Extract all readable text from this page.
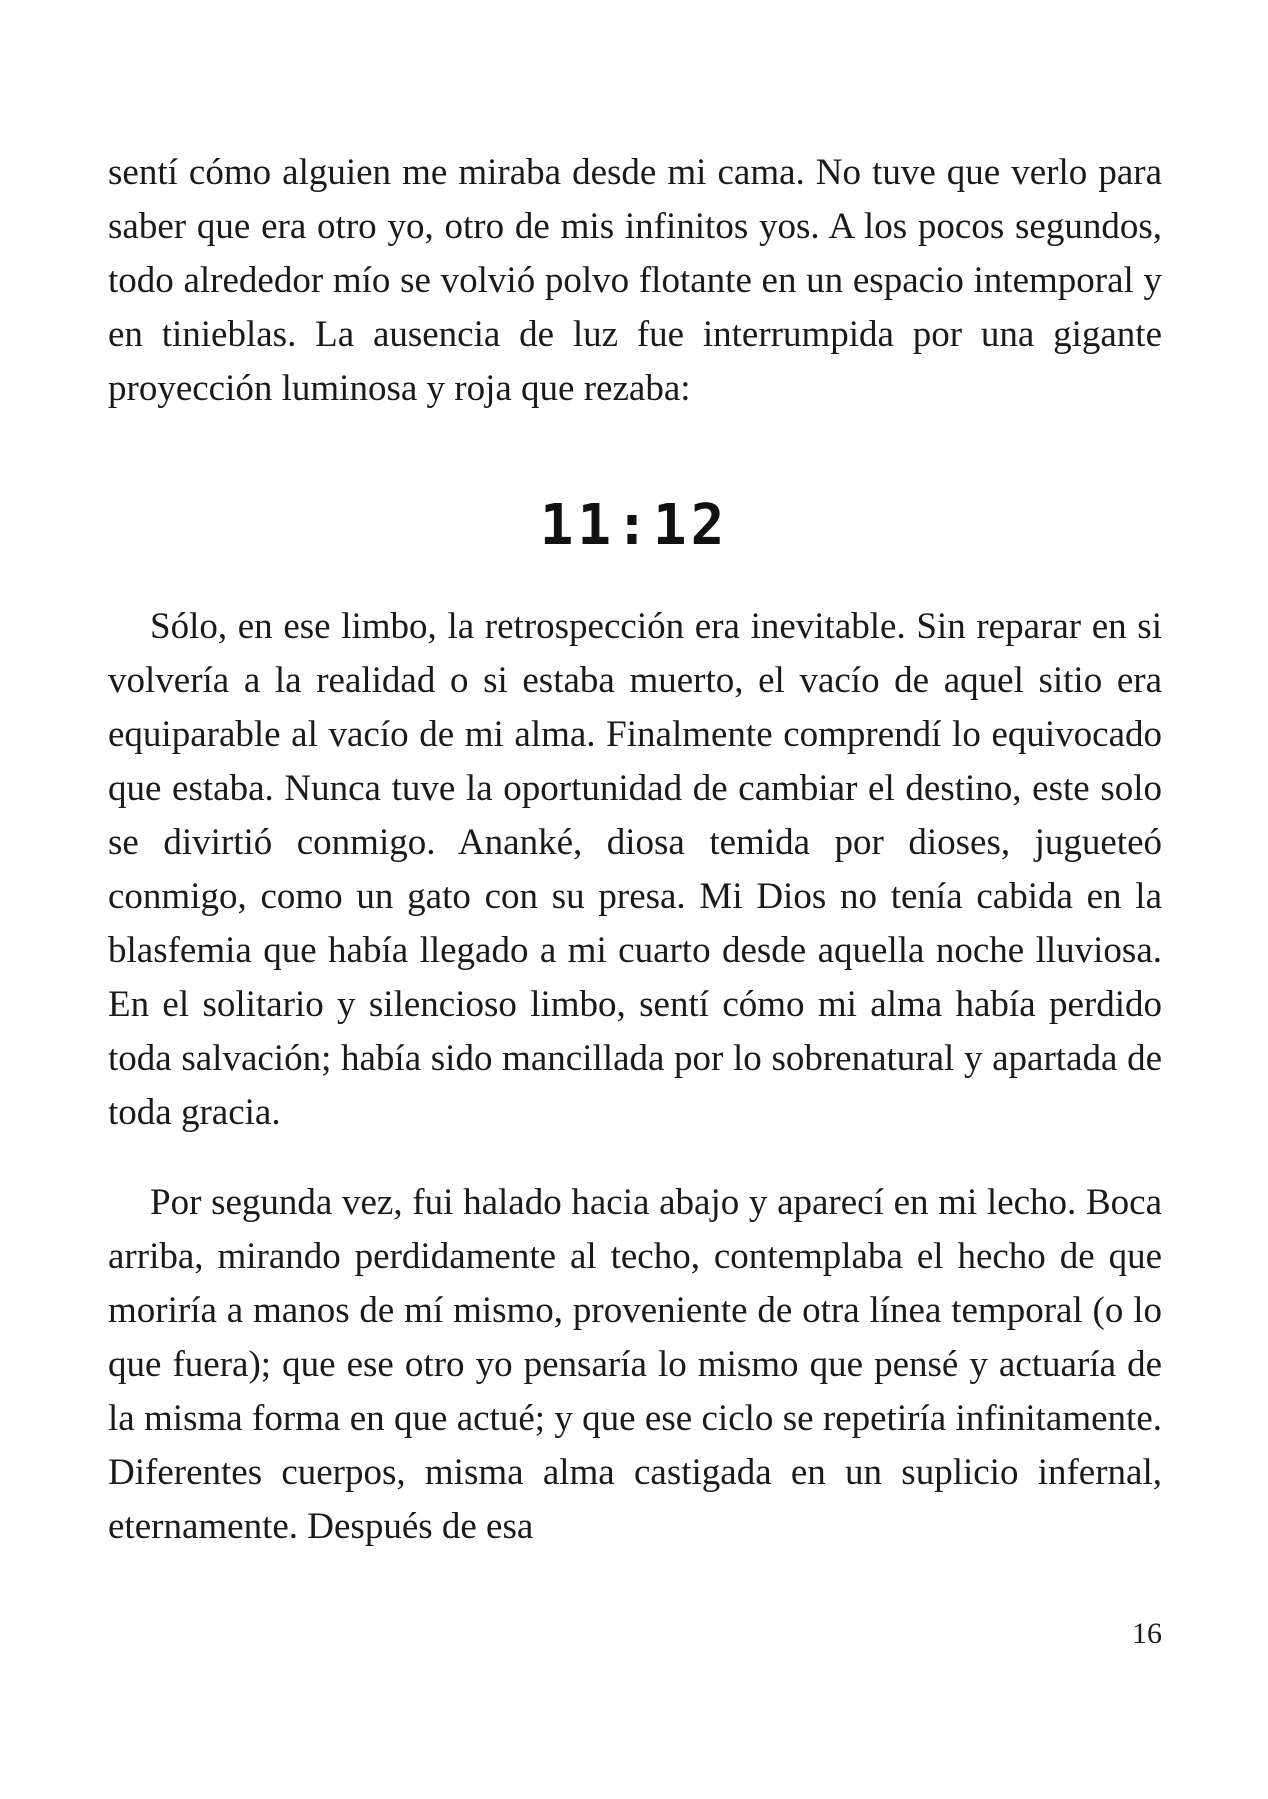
sentí cómo alguien me miraba desde mi cama. No tuve que verlo para saber que era otro yo, otro de mis infinitos yos. A los pocos segundos, todo alrededor mío se volvió polvo flotante en un espacio intemporal y en tinieblas. La ausencia de luz fue interrumpida por una gigante proyección luminosa y roja que rezaba:

11:12

Sólo, en ese limbo, la retrospección era inevitable. Sin reparar en si volvería a la realidad o si estaba muerto, el vacío de aquel sitio era equiparable al vacío de mi alma. Finalmente comprendí lo equivocado que estaba. Nunca tuve la oportunidad de cambiar el destino, este solo se divirtió conmigo. Ananké, diosa temida por dioses, jugueteó conmigo, como un gato con su presa. Mi Dios no tenía cabida en la blasfemia que había llegado a mi cuarto desde aquella noche lluviosa. En el solitario y silencioso limbo, sentí cómo mi alma había perdido toda salvación; había sido mancillada por lo sobrenatural y apartada de toda gracia.

Por segunda vez, fui halado hacia abajo y aparecí en mi lecho. Boca arriba, mirando perdidamente al techo, contemplaba el hecho de que moriría a manos de mí mismo, proveniente de otra línea temporal (o lo que fuera); que ese otro yo pensaría lo mismo que pensé y actuaría de la misma forma en que actué; y que ese ciclo se repetiría infinitamente. Diferentes cuerpos, misma alma castigada en un suplicio infernal, eternamente. Después de esa

16
